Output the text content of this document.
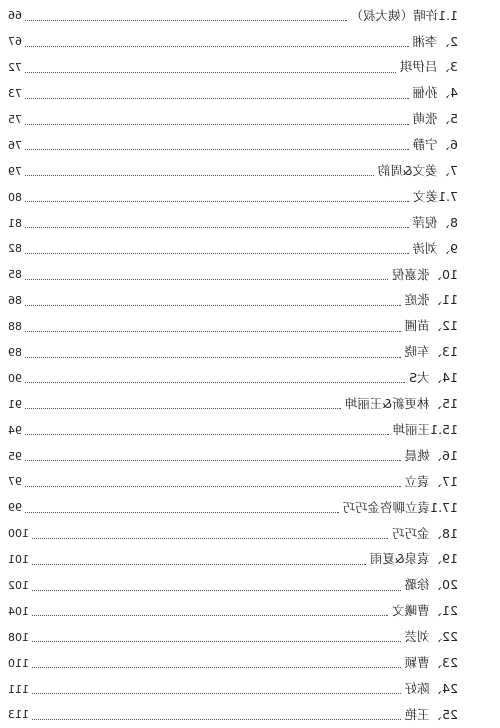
1.1许晴（姨大叔）
66
2、李湘
67
3、吕伊琪
72
4、孙俪
73
5、张萌
75
6、宁静
76
7、姜文&周韵
79
7.1姜文
80
8、倪萍
81
9、刘涛
82
10、张嘉倪
85
11、张庭
86
12、苗圃
88
13、车晓
89
14、大S
90
15、林更新&王丽坤
91
15.1王丽坤
94
16、姚晨
95
17、袁立
97
17.1袁立聊咨金巧巧
99
18、金巧巧
100
19、袁泉&夏雨
101
20、徐璐
102
21、曹曦文
104
22、刘芸
108
23、曹颖
110
24、陈好
111
25、王艳
113
